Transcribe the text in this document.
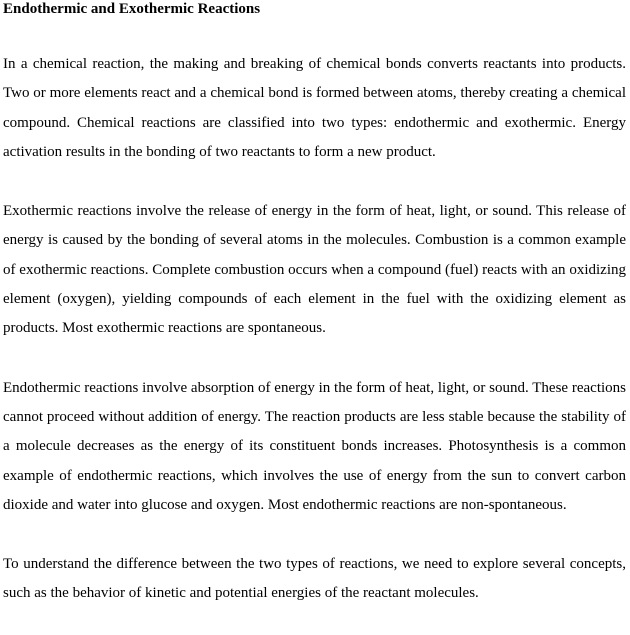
Endothermic and Exothermic Reactions

In a chemical reaction, the making and breaking of chemical bonds converts reactants into products. Two or more elements react and a chemical bond is formed between atoms, thereby creating a chemical compound. Chemical reactions are classified into two types: endothermic and exothermic. Energy activation results in the bonding of two reactants to form a new product.

Exothermic reactions involve the release of energy in the form of heat, light, or sound. This release of energy is caused by the bonding of several atoms in the molecules. Combustion is a common example of exothermic reactions. Complete combustion occurs when a compound (fuel) reacts with an oxidizing element (oxygen), yielding compounds of each element in the fuel with the oxidizing element as products. Most exothermic reactions are spontaneous.

Endothermic reactions involve absorption of energy in the form of heat, light, or sound. These reactions cannot proceed without addition of energy. The reaction products are less stable because the stability of a molecule decreases as the energy of its constituent bonds increases. Photosynthesis is a common example of endothermic reactions, which involves the use of energy from the sun to convert carbon dioxide and water into glucose and oxygen. Most endothermic reactions are non-spontaneous.

To understand the difference between the two types of reactions, we need to explore several concepts, such as the behavior of kinetic and potential energies of the reactant molecules.
